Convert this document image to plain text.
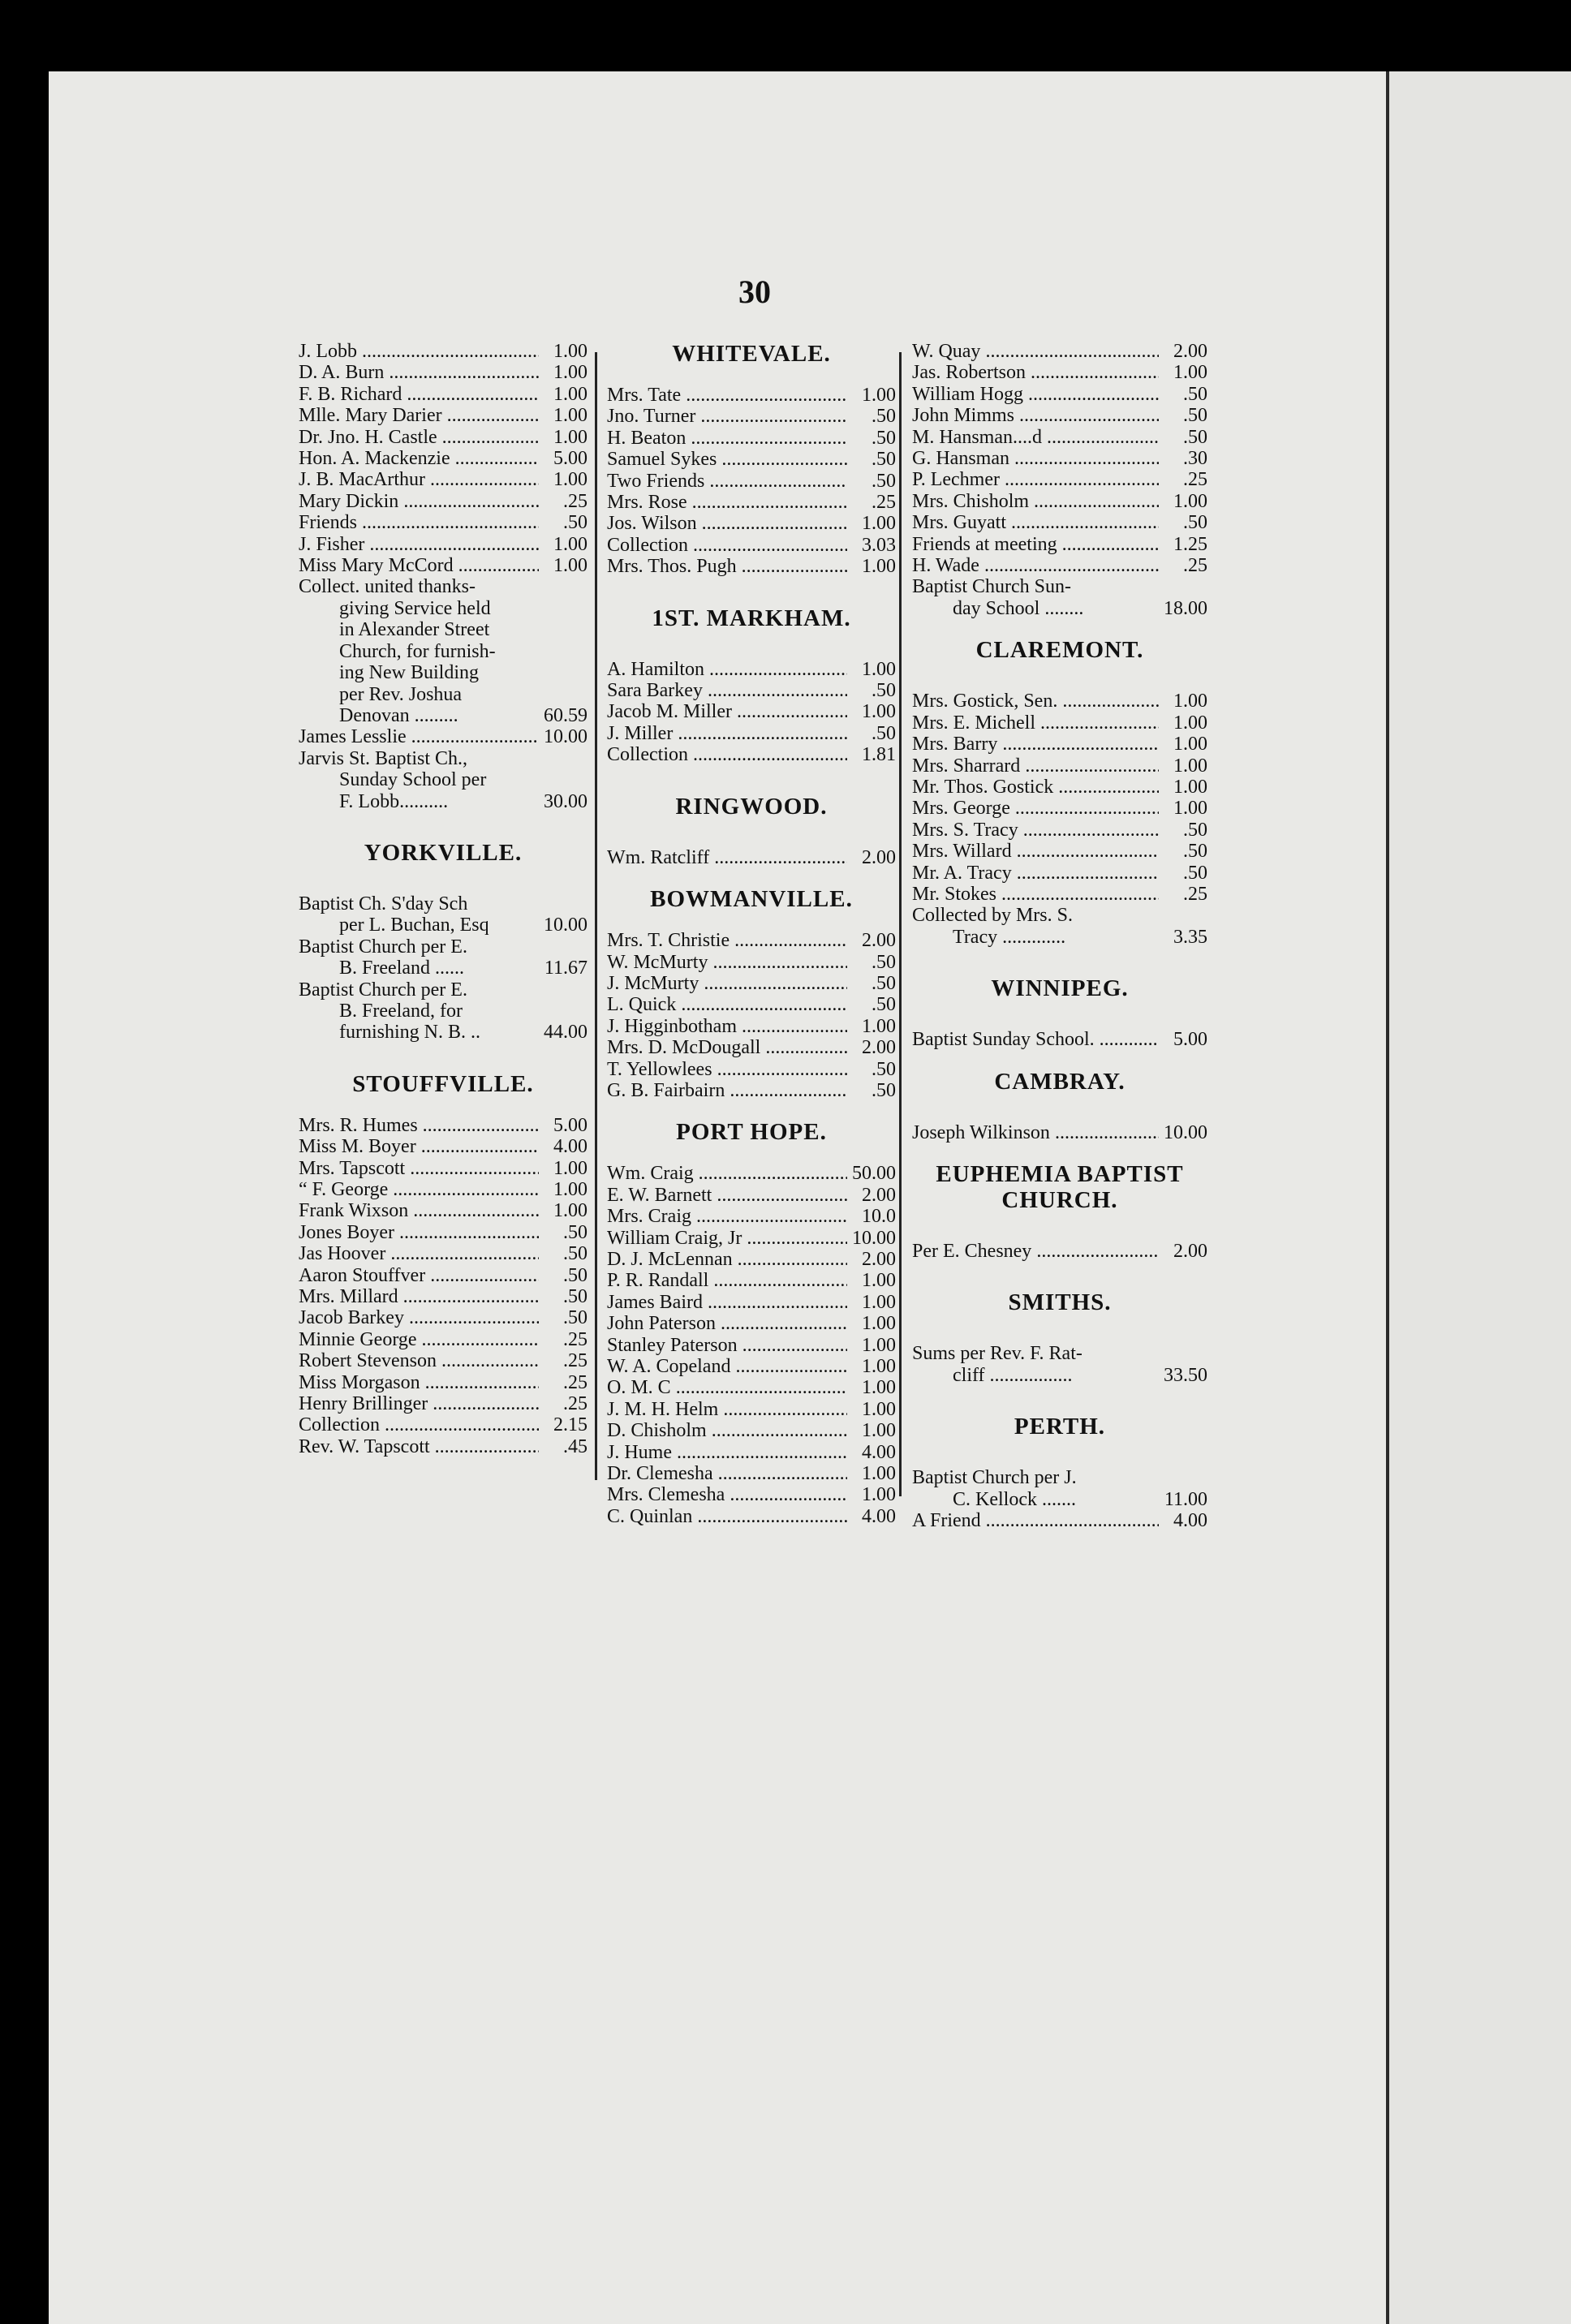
30
J. Lobb .....	1.00
D. A. Burn .....	1.00
F. B. Richard .....	1.00
Mlle. Mary Darier .....	1.00
Dr. Jno. H. Castle .....	1.00
Hon. A. Mackenzie .....	5.00
J. B. MacArthur .....	1.00
Mary Dickin .....	.25
Friends .....	.50
J. Fisher .....	1.00
Miss Mary McCord .....	1.00
Collect. united thanks-
giving Service held
in Alexander Street
Church, for furnish-
ing New Building
per Rev. Joshua
Denovan .........	60.59
James Lesslie .....	10.00
Jarvis St. Baptist Ch.,
Sunday School per
F. Lobb..........	30.00
YORKVILLE.
Baptist Ch. S'day Sch
per L. Buchan, Esq	10.00
Baptist Church per E.
B. Freeland ......	11.67
Baptist Church per E.
B. Freeland, for
furnishing N. B. ..	44.00
STOUFFVILLE.
Mrs. R. Humes .....	5.00
Miss M. Boyer .....	4.00
Mrs. Tapscott .....	1.00
“ F. George .....	1.00
Frank Wixson .....	1.00
Jones Boyer .....	.50
Jas Hoover .....	.50
Aaron Stouffver .....	.50
Mrs. Millard .....	.50
Jacob Barkey .....	.50
Minnie George .....	.25
Robert Stevenson .....	.25
Miss Morgason .....	.25
Henry Brillinger .....	.25
Collection .....	2.15
Rev. W. Tapscott .....	.45
WHITEVALE.
Mrs. Tate .....	1.00
Jno. Turner .....	.50
H. Beaton .....	.50
Samuel Sykes .....	.50
Two Friends .....	.50
Mrs. Rose .....	.25
Jos. Wilson .....	1.00
Collection .....	3.03
Mrs. Thos. Pugh .....	1.00
1ST. MARKHAM.
A. Hamilton .....	1.00
Sara Barkey .....	.50
Jacob M. Miller .....	1.00
J. Miller .....	.50
Collection .....	1.81
RINGWOOD.
Wm. Ratcliff .....	2.00
BOWMANVILLE.
Mrs. T. Christie .....	2.00
W. McMurty .....	.50
J. McMurty .....	.50
L. Quick .....	.50
J. Higginbotham .....	1.00
Mrs. D. McDougall .....	2.00
T. Yellowlees .....	.50
G. B. Fairbairn .....	.50
PORT HOPE.
Wm. Craig .....	50.00
E. W. Barnett .....	2.00
Mrs. Craig .....	10.0
William Craig, Jr .....	10.00
D. J. McLennan .....	2.00
P. R. Randall .....	1.00
James Baird .....	1.00
John Paterson .....	1.00
Stanley Paterson .....	1.00
W. A. Copeland .....	1.00
O. M. C .....	1.00
J. M. H. Helm .....	1.00
D. Chisholm .....	1.00
J. Hume .....	4.00
Dr. Clemesha .....	1.00
Mrs. Clemesha .....	1.00
C. Quinlan .....	4.00
W. Quay .....	2.00
Jas. Robertson .....	1.00
William Hogg .....	.50
John Mimms .....	.50
M. Hansman....d .....	.50
G. Hansman .....	.30
P. Lechmer .....	.25
Mrs. Chisholm .....	1.00
Mrs. Guyatt .....	.50
Friends at meeting .....	1.25
H. Wade .....	.25
Baptist Church Sun-
day School ........	18.00
CLAREMONT.
Mrs. Gostick, Sen. .....	1.00
Mrs. E. Michell .....	1.00
Mrs. Barry .....	1.00
Mrs. Sharrard .....	1.00
Mr. Thos. Gostick .....	1.00
Mrs. George .....	1.00
Mrs. S. Tracy .....	.50
Mrs. Willard .....	.50
Mr. A. Tracy .....	.50
Mr. Stokes .....	.25
Collected by Mrs. S.
Tracy .............	3.35
WINNIPEG.
Baptist Sunday School. .....	5.00
CAMBRAY.
Joseph Wilkinson .....	10.00
EUPHEMIA BAPTIST
CHURCH.
Per E. Chesney .....	2.00
SMITHS.
Sums per Rev. F. Rat-
cliff .................	33.50
PERTH.
Baptist Church per J.
C. Kellock .......	11.00
A Friend .....	4.00
